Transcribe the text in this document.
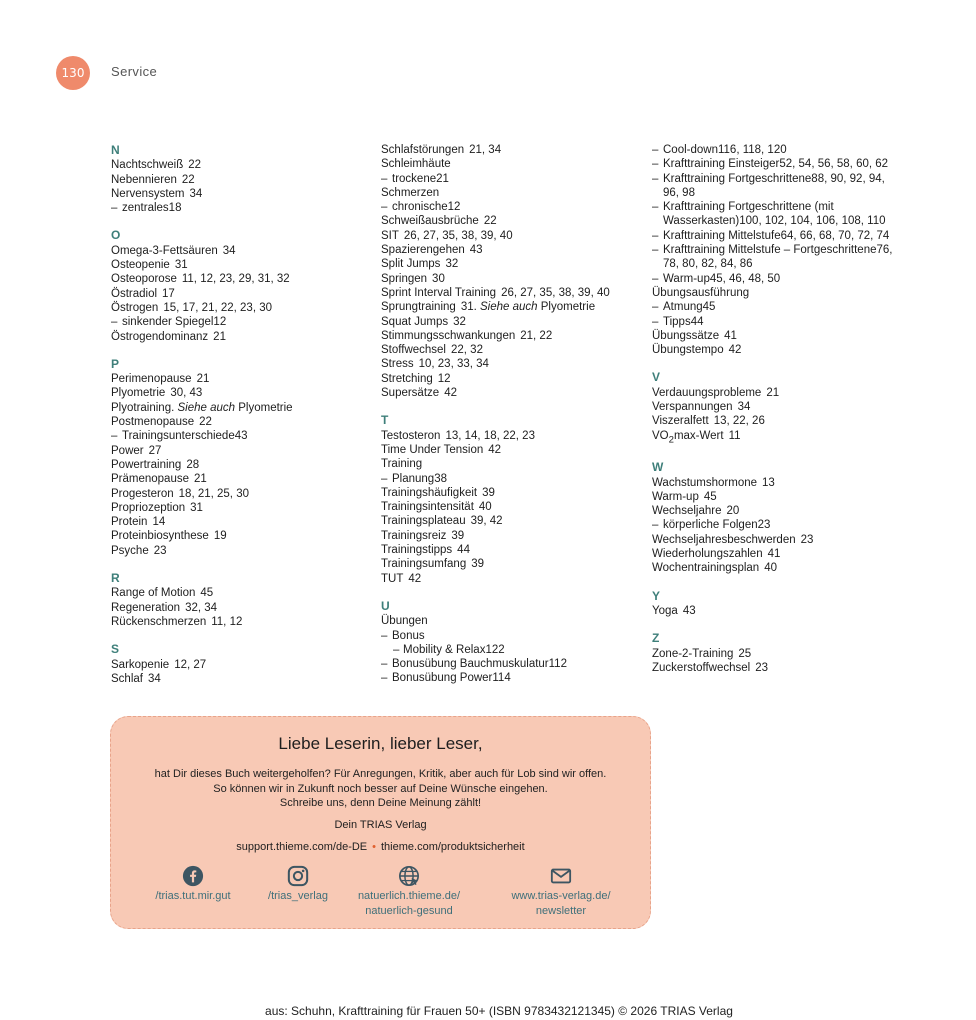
130	Service
N
Nachtschweiß 22
Nebennieren 22
Nervensystem 34
– zentrales18
O
Omega-3-Fettsäuren 34
Osteopenie 31
Osteoporose 11, 12, 23, 29, 31, 32
Östradiol 17
Östrogen 15, 17, 21, 22, 23, 30
– sinkender Spiegel12
Östrogendominanz 21
P
Perimenopause 21
Plyometrie 30, 43
Plyotraining. Siehe auch Plyometrie
Postmenopause 22
– Trainingsunterschiede43
Power 27
Powertraining 28
Prämenopause 21
Progesteron 18, 21, 25, 30
Propriozeption 31
Protein 14
Proteinbiosynthese 19
Psyche 23
R
Range of Motion 45
Regeneration 32, 34
Rückenschmerzen 11, 12
S
Sarkopenie 12, 27
Schlaf 34
Schlafstörungen 21, 34
Schleimhäute
– trockene21
Schmerzen
– chronische12
Schweißausbrüche 22
SIT 26, 27, 35, 38, 39, 40
Spazierengehen 43
Split Jumps 32
Springen 30
Sprint Interval Training 26, 27, 35, 38, 39, 40
Sprungtraining 31. Siehe auch Plyometrie
Squat Jumps 32
Stimmungsschwankungen 21, 22
Stoffwechsel 22, 32
Stress 10, 23, 33, 34
Stretching 12
Supersätze 42
T
Testosteron 13, 14, 18, 22, 23
Time Under Tension 42
Training
– Planung38
Trainingshäufigkeit 39
Trainingsintensität 40
Trainingsplateau 39, 42
Trainingsreiz 39
Trainingstipps 44
Trainingsumfang 39
TUT 42
U
Übungen
– Bonus
– Mobility & Relax122
– Bonusübung Bauchmuskulatur112
– Bonusübung Power114
– Cool-down116, 118, 120
– Krafttraining Einsteiger52, 54, 56, 58, 60, 62
– Krafttraining Fortgeschrittene88, 90, 92, 94, 96, 98
– Krafttraining Fortgeschrittene (mit Wasserkasten)100, 102, 104, 106, 108, 110
– Krafttraining Mittelstufe64, 66, 68, 70, 72, 74
– Krafttraining Mittelstufe – Fortgeschrittene76, 78, 80, 82, 84, 86
– Warm-up45, 46, 48, 50
Übungsausführung
– Atmung45
– Tipps44
Übungssätze 41
Übungstempo 42
V
Verdauungsprobleme 21
Verspannungen 34
Viszeralfett 13, 22, 26
$VO_2\max$-Wert 11
W
Wachstumshormone 13
Warm-up 45
Wechseljahre 20
– körperliche Folgen23
Wechseljahresbeschwerden 23
Wiederholungszahlen 41
Wochentrainingsplan 40
Y
Yoga 43
Z
Zone-2-Training 25
Zuckerstoffwechsel 23
Liebe Leserin, lieber Leser,
hat Dir dieses Buch weitergeholfen? Für Anregungen, Kritik, aber auch für Lob sind wir offen.
So können wir in Zukunft noch besser auf Deine Wünsche eingehen.
Schreibe uns, denn Deine Meinung zählt!
Dein TRIAS Verlag
support.thieme.com/de-DE • thieme.com/produktsicherheit
/trias.tut.mir.gut	/trias_verlag	natuerlich.thieme.de/
natuerlich-gesund
www.trias-verlag.de/
newsletter
aus: Schuhn, Krafttraining für Frauen 50+ (ISBN 9783432121345) © 2026 TRIAS Verlag
